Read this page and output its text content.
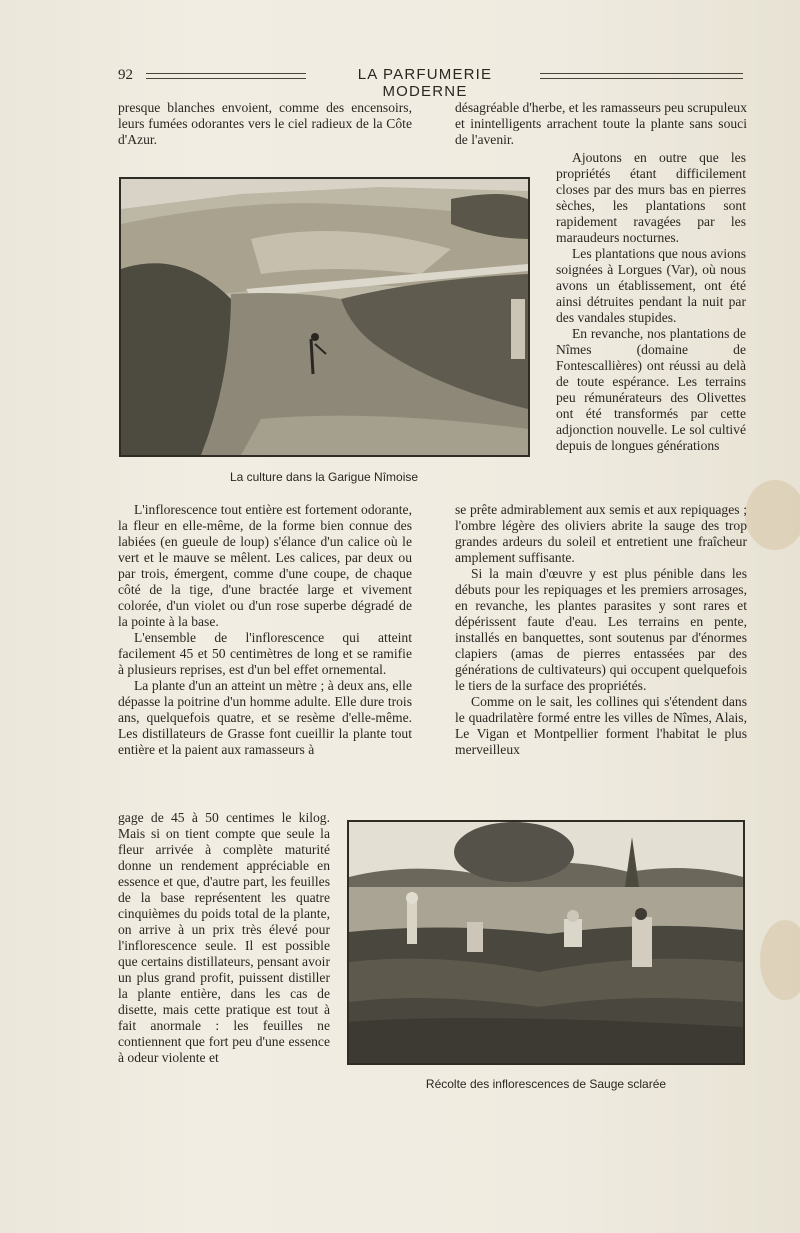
92	LA PARFUMERIE MODERNE

presque blanches envoient, comme des encensoirs, leurs fumées odorantes vers le ciel radieux de la Côte d'Azur.

La culture dans la Garigue Nîmoise

L'inflorescence tout entière est fortement odorante, la fleur en elle-même, de la forme bien connue des labiées (en gueule de loup) s'élance d'un calice où le vert et le mauve se mêlent. Les calices, par deux ou par trois, émergent, comme d'une coupe, de chaque côté de la tige, d'une bractée large et vivement colorée, d'un violet ou d'un rose superbe dégradé de la pointe à la base.

L'ensemble de l'inflorescence qui atteint facilement 45 et 50 centimètres de long et se ramifie à plusieurs reprises, est d'un bel effet ornemental.

La plante d'un an atteint un mètre ; à deux ans, elle dépasse la poitrine d'un homme adulte. Elle dure trois ans, quelquefois quatre, et se resème d'elle-même. Les distillateurs de Grasse font cueillir la plante tout entière et la paient aux ramasseurs à

gage de 45 à 50 centimes le kilog. Mais si on tient compte que seule la fleur arrivée à complète maturité donne un rendement appréciable en essence et que, d'autre part, les feuilles de la base représentent les quatre cinquièmes du poids total de la plante, on arrive à un prix très élevé pour l'inflorescence seule. Il est possible que certains distillateurs, pensant avoir un plus grand profit, puissent distiller la plante entière, dans les cas de disette, mais cette pratique est tout à fait anormale : les feuilles ne contiennent que fort peu d'une essence à odeur violente et

désagréable d'herbe, et les ramasseurs peu scrupuleux et inintelligents arrachent toute la plante sans souci de l'avenir.

Ajoutons en outre que les propriétés étant difficilement closes par des murs bas en pierres sèches, les plantations sont rapidement ravagées par les maraudeurs nocturnes.

Les plantations que nous avions soignées à Lorgues (Var), où nous avons un établissement, ont été ainsi détruites pendant la nuit par des vandales stupides.

En revanche, nos plantations de Nîmes (domaine de Fontescallières) ont réussi au delà de toute espérance. Les terrains peu rémunérateurs des Olivettes ont été transformés par cette adjonction nouvelle. Le sol cultivé depuis de longues générations

se prête admirablement aux semis et aux repiquages ; l'ombre légère des oliviers abrite la sauge des trop grandes ardeurs du soleil et entretient une fraîcheur amplement suffisante.

Si la main d'œuvre y est plus pénible dans les débuts pour les repiquages et les premiers arrosages, en revanche, les plantes parasites y sont rares et dépérissent faute d'eau. Les terrains en pente, installés en banquettes, sont soutenus par d'énormes clapiers (amas de pierres entassées par des générations de cultivateurs) qui occupent quelquefois le tiers de la surface des propriétés.

Comme on le sait, les collines qui s'étendent dans le quadrilatère formé entre les villes de Nîmes, Alais, Le Vigan et Montpellier forment l'habitat le plus merveilleux

Récolte des inflorescences de Sauge sclarée
